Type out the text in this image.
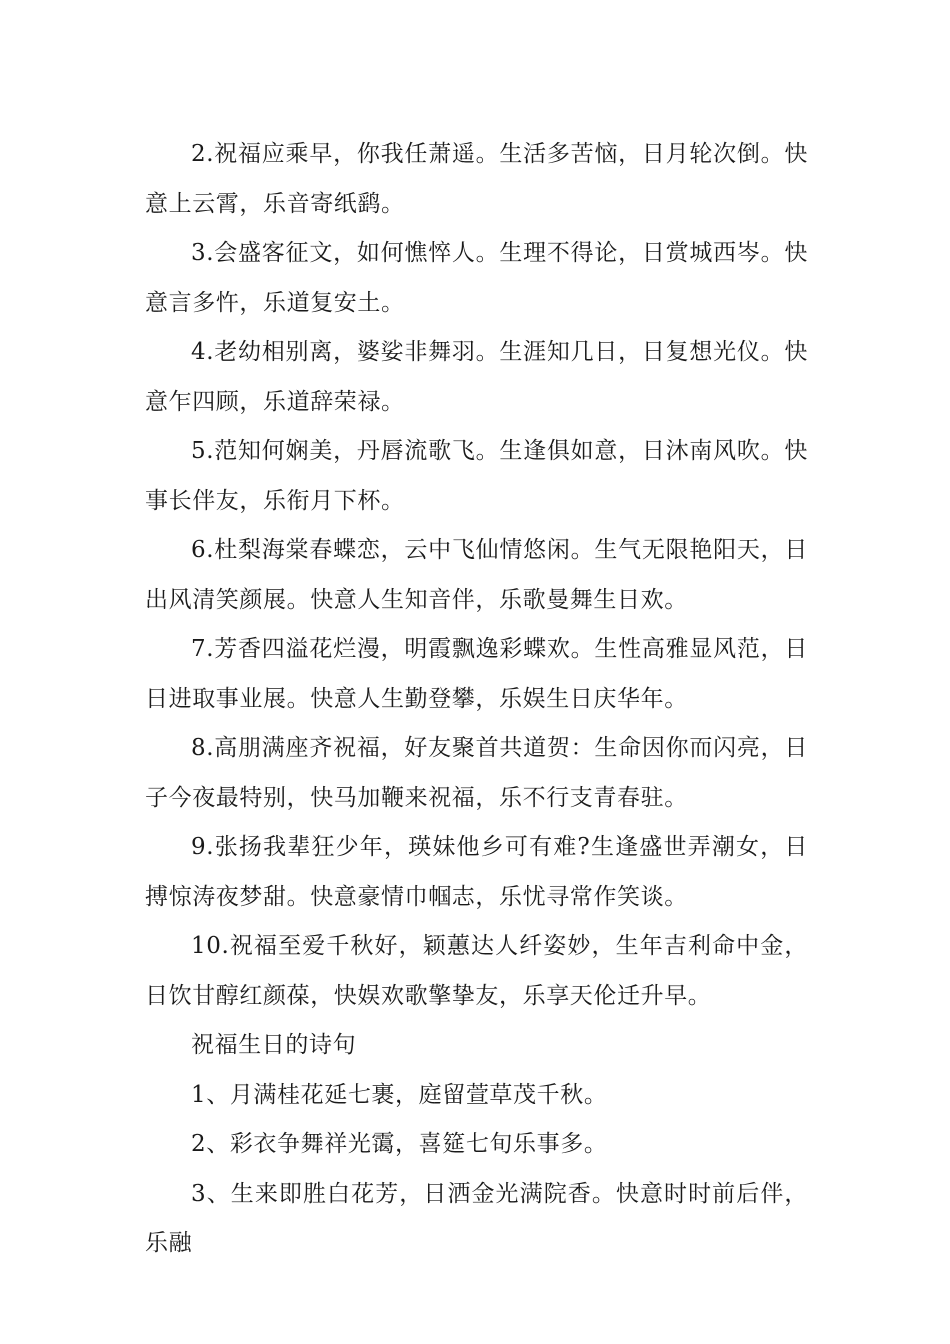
2.祝福应乘早，你我任萧遥。生活多苦恼，日月轮次倒。快意上云霄，乐音寄纸鹞。

3.会盛客征文，如何憔悴人。生理不得论，日赏城西岑。快意言多忤，乐道复安土。

4.老幼相别离，婆娑非舞羽。生涯知几日，日复想光仪。快意乍四顾，乐道辞荣禄。

5.范知何娴美，丹唇流歌飞。生逢俱如意，日沐南风吹。快事长伴友，乐衔月下杯。

6.杜梨海棠春蝶恋，云中飞仙情悠闲。生气无限艳阳天，日出风清笑颜展。快意人生知音伴，乐歌曼舞生日欢。

7.芳香四溢花烂漫，明霞飘逸彩蝶欢。生性高雅显风范，日日进取事业展。快意人生勤登攀，乐娱生日庆华年。

8.高朋满座齐祝福，好友聚首共道贺：生命因你而闪亮，日子今夜最特别，快马加鞭来祝福，乐不行支青春驻。

9.张扬我辈狂少年，瑛妹他乡可有难?生逢盛世弄潮女，日搏惊涛夜梦甜。快意豪情巾帼志，乐忧寻常作笑谈。

10.祝福至爱千秋好，颖蕙达人纤姿妙，生年吉利命中金，日饮甘醇红颜葆，快娱欢歌擎挚友，乐享天伦迁升早。

祝福生日的诗句

1、月满桂花延七裹，庭留萱草茂千秋。

2、彩衣争舞祥光霭，喜筵七旬乐事多。

3、生来即胜白花芳，日洒金光满院香。快意时时前后伴，乐融
